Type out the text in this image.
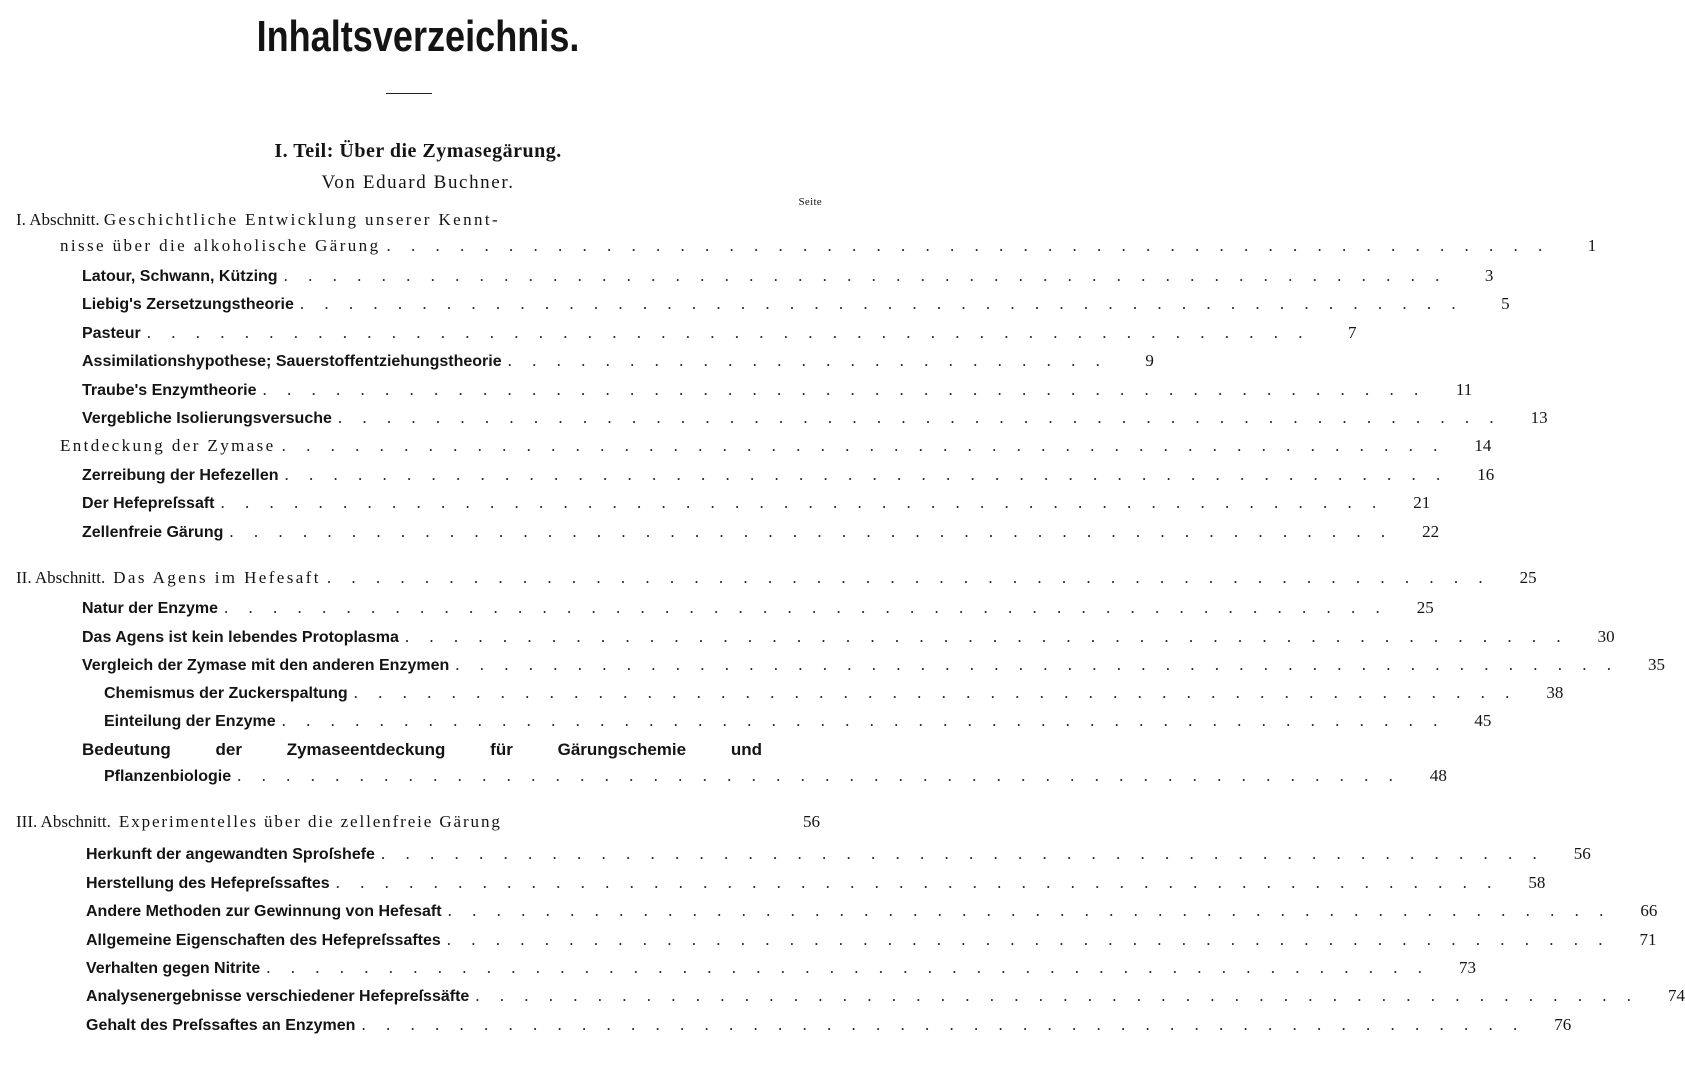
Inhaltsverzeichnis.
I. Teil: Über die Zymasegärung.
Von Eduard Buchner.
Seite
I. Abschnitt. Geschichtliche Entwicklung unserer Kennt-
nisse über die alkoholische Gärung . . . . . . . . . . . . . . . . . . . . . . . . . . . . . . . . . . . . . . . . . . . . . . . .	1
Latour, Schwann, Kützing . . . . . . . . . . . . . . . . . . . . . . . . . . . . . . . . . . . . . . . . . . . . . . . .	3
Liebig's Zersetzungstheorie . . . . . . . . . . . . . . . . . . . . . . . . . . . . . . . . . . . . . . . . . . . . . . . .	5
Pasteur . . . . . . . . . . . . . . . . . . . . . . . . . . . . . . . . . . . . . . . . . . . . . . . .	7
Assimilationshypothese; Sauerstoffentziehungstheorie . . . . . . . . . . . . . . . . . . . . . . . . .	9
Traube's Enzymtheorie . . . . . . . . . . . . . . . . . . . . . . . . . . . . . . . . . . . . . . . . . . . . . . . .	11
Vergebliche Isolierungsversuche . . . . . . . . . . . . . . . . . . . . . . . . . . . . . . . . . . . . . . . . . . . . . . . .	13
Entdeckung der Zymase . . . . . . . . . . . . . . . . . . . . . . . . . . . . . . . . . . . . . . . . . . . . . . . .	14
Zerreibung der Hefezellen . . . . . . . . . . . . . . . . . . . . . . . . . . . . . . . . . . . . . . . . . . . . . . . .	16
Der Hefepreſssaft . . . . . . . . . . . . . . . . . . . . . . . . . . . . . . . . . . . . . . . . . . . . . . . .	21
Zellenfreie Gärung . . . . . . . . . . . . . . . . . . . . . . . . . . . . . . . . . . . . . . . . . . . . . . . .	22
II. Abschnitt. Das Agens im Hefesaft . . . . . . . . . . . . . . . . . . . . . . . . . . . . . . . . . . . . . . . . . . . . . . . .	25
Natur der Enzyme . . . . . . . . . . . . . . . . . . . . . . . . . . . . . . . . . . . . . . . . . . . . . . . .	25
Das Agens ist kein lebendes Protoplasma . . . . . . . . . . . . . . . . . . . . . . . . . . . . . . . . . . . . . . . . . . . . . . . .	30
Vergleich der Zymase mit den anderen Enzymen . . . . . . . . . . . . . . . . . . . . . . . . . . . . . . . . . . . . . . . . . . . . . . . .	35
Chemismus der Zuckerspaltung . . . . . . . . . . . . . . . . . . . . . . . . . . . . . . . . . . . . . . . . . . . . . . . .	38
Einteilung der Enzyme . . . . . . . . . . . . . . . . . . . . . . . . . . . . . . . . . . . . . . . . . . . . . . . .	45
Bedeutung der Zymaseentdeckung für Gärungschemie und
Pflanzenbiologie . . . . . . . . . . . . . . . . . . . . . . . . . . . . . . . . . . . . . . . . . . . . . . . .	48
III. Abschnitt. Experimentelles über die zellenfreie Gärung	56
Herkunft der angewandten Sproſshefe . . . . . . . . . . . . . . . . . . . . . . . . . . . . . . . . . . . . . . . . . . . . . . . .	56
Herstellung des Hefepreſssaftes . . . . . . . . . . . . . . . . . . . . . . . . . . . . . . . . . . . . . . . . . . . . . . . .	58
Andere Methoden zur Gewinnung von Hefesaft . . . . . . . . . . . . . . . . . . . . . . . . . . . . . . . . . . . . . . . . . . . . . . . .	66
Allgemeine Eigenschaften des Hefepreſssaftes . . . . . . . . . . . . . . . . . . . . . . . . . . . . . . . . . . . . . . . . . . . . . . . .	71
Verhalten gegen Nitrite . . . . . . . . . . . . . . . . . . . . . . . . . . . . . . . . . . . . . . . . . . . . . . . .	73
Analysenergebnisse verschiedener Hefepreſssäfte . . . . . . . . . . . . . . . . . . . . . . . . . . . . . . . . . . . . . . . . . . . . . . . .	74
Gehalt des Preſssaftes an Enzymen . . . . . . . . . . . . . . . . . . . . . . . . . . . . . . . . . . . . . . . . . . . . . . . .	76
